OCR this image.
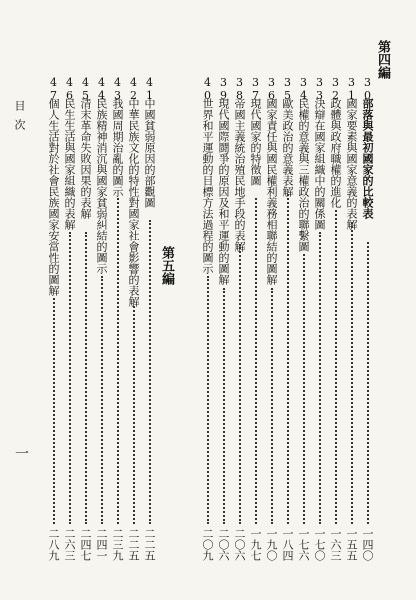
第四編
第五編
30
部落與最初國家的比較表
一四〇
31
國家要素與國家意義的表解
一五五
32
政體與政府職權的進化
一六三
33
決辯在國家組織中的關係圖
一七〇
34
民權的意義與三權政治的聯繫圖
一七六
35
歐美政治的意義表解
一八四
36
國家責任與國民權利義務相聯結的圖解
一九〇
37
現代國家的特徵圖
一九七
38
帝國主義統治殖民地手段的表解
二〇六
39
現代國際鬪爭的原因及和平運動的圖解
二〇六
40
世界和平運動的目標方法過程的圖示
二〇九
41
中國貧弱原因的部觀圖
二二五
42
中華民族文化的特性對國家社會影響的表解
二二五
43
我國周期治亂的圖示
二三九
44
民族精神消沉與國家貧弱糾結的圖示
二四一
45
清末革命失敗因果的表解
二四七
46
民生生活與國家組織的表解
二六三
47
個人生活對於社會民族國家安當性的圖解
二八九
目次
一
